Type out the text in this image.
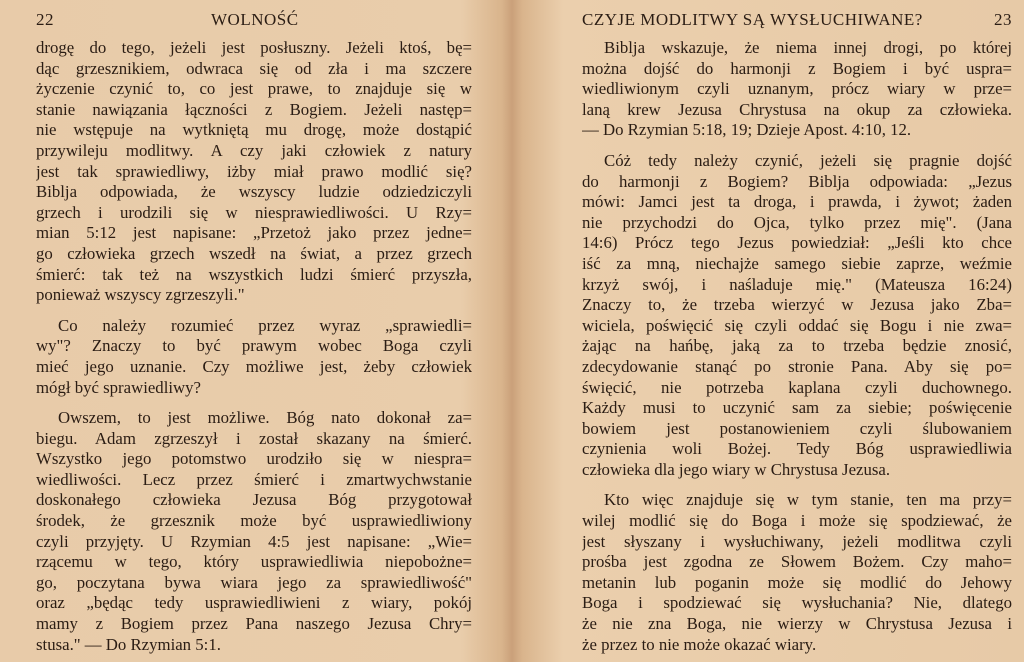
22	WOLNOŚĆ
drogę do tego, jeżeli jest posłuszny. Jeżeli ktoś, bę=
dąc grzesznikiem, odwraca się od zła i ma szczere
życzenie czynić to, co jest prawe, to znajduje się w
stanie nawiązania łączności z Bogiem. Jeżeli następ=
nie wstępuje na wytkniętą mu drogę, może dostąpić
przywileju modlitwy. A czy jaki człowiek z natury
jest tak sprawiedliwy, iżby miał prawo modlić się?
Biblja odpowiada, że wszyscy ludzie odziedziczyli
grzech i urodzili się w niesprawiedliwości. U Rzy=
mian 5:12 jest napisane: „Przetoż jako przez jedne=
go człowieka grzech wszedł na świat, a przez grzech
śmierć: tak też na wszystkich ludzi śmierć przyszła,
ponieważ wszyscy zgrzeszyli."
Co należy rozumieć przez wyraz „sprawiedli=
wy"? Znaczy to być prawym wobec Boga czyli
mieć jego uznanie. Czy możliwe jest, żeby człowiek
mógł być sprawiedliwy?
Owszem, to jest możliwe. Bóg nato dokonał za=
biegu. Adam zgrzeszył i został skazany na śmierć.
Wszystko jego potomstwo urodziło się w niespra=
wiedliwości. Lecz przez śmierć i zmartwychwstanie
doskonałego człowieka Jezusa Bóg przygotował
środek, że grzesznik może być usprawiedliwiony
czyli przyjęty. U Rzymian 4:5 jest napisane: „Wie=
rzącemu w tego, który usprawiedliwia niepobożne=
go, poczytana bywa wiara jego za sprawiedliwość"
oraz „będąc tedy usprawiedliwieni z wiary, pokój
mamy z Bogiem przez Pana naszego Jezusa Chry=
stusa." — Do Rzymian 5:1.
CZYJE MODLITWY SĄ WYSŁUCHIWANE?	23
Biblja wskazuje, że niema innej drogi, po której
można dojść do harmonji z Bogiem i być uspra=
wiedliwionym czyli uznanym, prócz wiary w prze=
laną krew Jezusa Chrystusa na okup za człowieka.
— Do Rzymian 5:18, 19; Dzieje Apost. 4:10, 12.
Cóż tedy należy czynić, jeżeli się pragnie dojść
do harmonji z Bogiem? Biblja odpowiada: „Jezus
mówi: Jamci jest ta droga, i prawda, i żywot; żaden
nie przychodzi do Ojca, tylko przez mię". (Jana
14:6) Prócz tego Jezus powiedział: „Jeśli kto chce
iść za mną, niechajże samego siebie zaprze, weźmie
krzyż swój, i naśladuje mię." (Mateusza 16:24)
Znaczy to, że trzeba wierzyć w Jezusa jako Zba=
wiciela, poświęcić się czyli oddać się Bogu i nie zwa=
żając na hańbę, jaką za to trzeba będzie znosić,
zdecydowanie stanąć po stronie Pana. Aby się po=
święcić, nie potrzeba kaplana czyli duchownego.
Każdy musi to uczynić sam za siebie; poświęcenie
bowiem jest postanowieniem czyli ślubowaniem
czynienia woli Bożej. Tedy Bóg usprawiedliwia
człowieka dla jego wiary w Chrystusa Jezusa.
Kto więc znajduje się w tym stanie, ten ma przy=
wilej modlić się do Boga i może się spodziewać, że
jest słyszany i wysłuchiwany, jeżeli modlitwa czyli
prośba jest zgodna ze Słowem Bożem. Czy maho=
metanin lub poganin może się modlić do Jehowy
Boga i spodziewać się wysłuchania? Nie, dlatego
że nie zna Boga, nie wierzy w Chrystusa Jezusa i
że przez to nie może okazać wiary.
